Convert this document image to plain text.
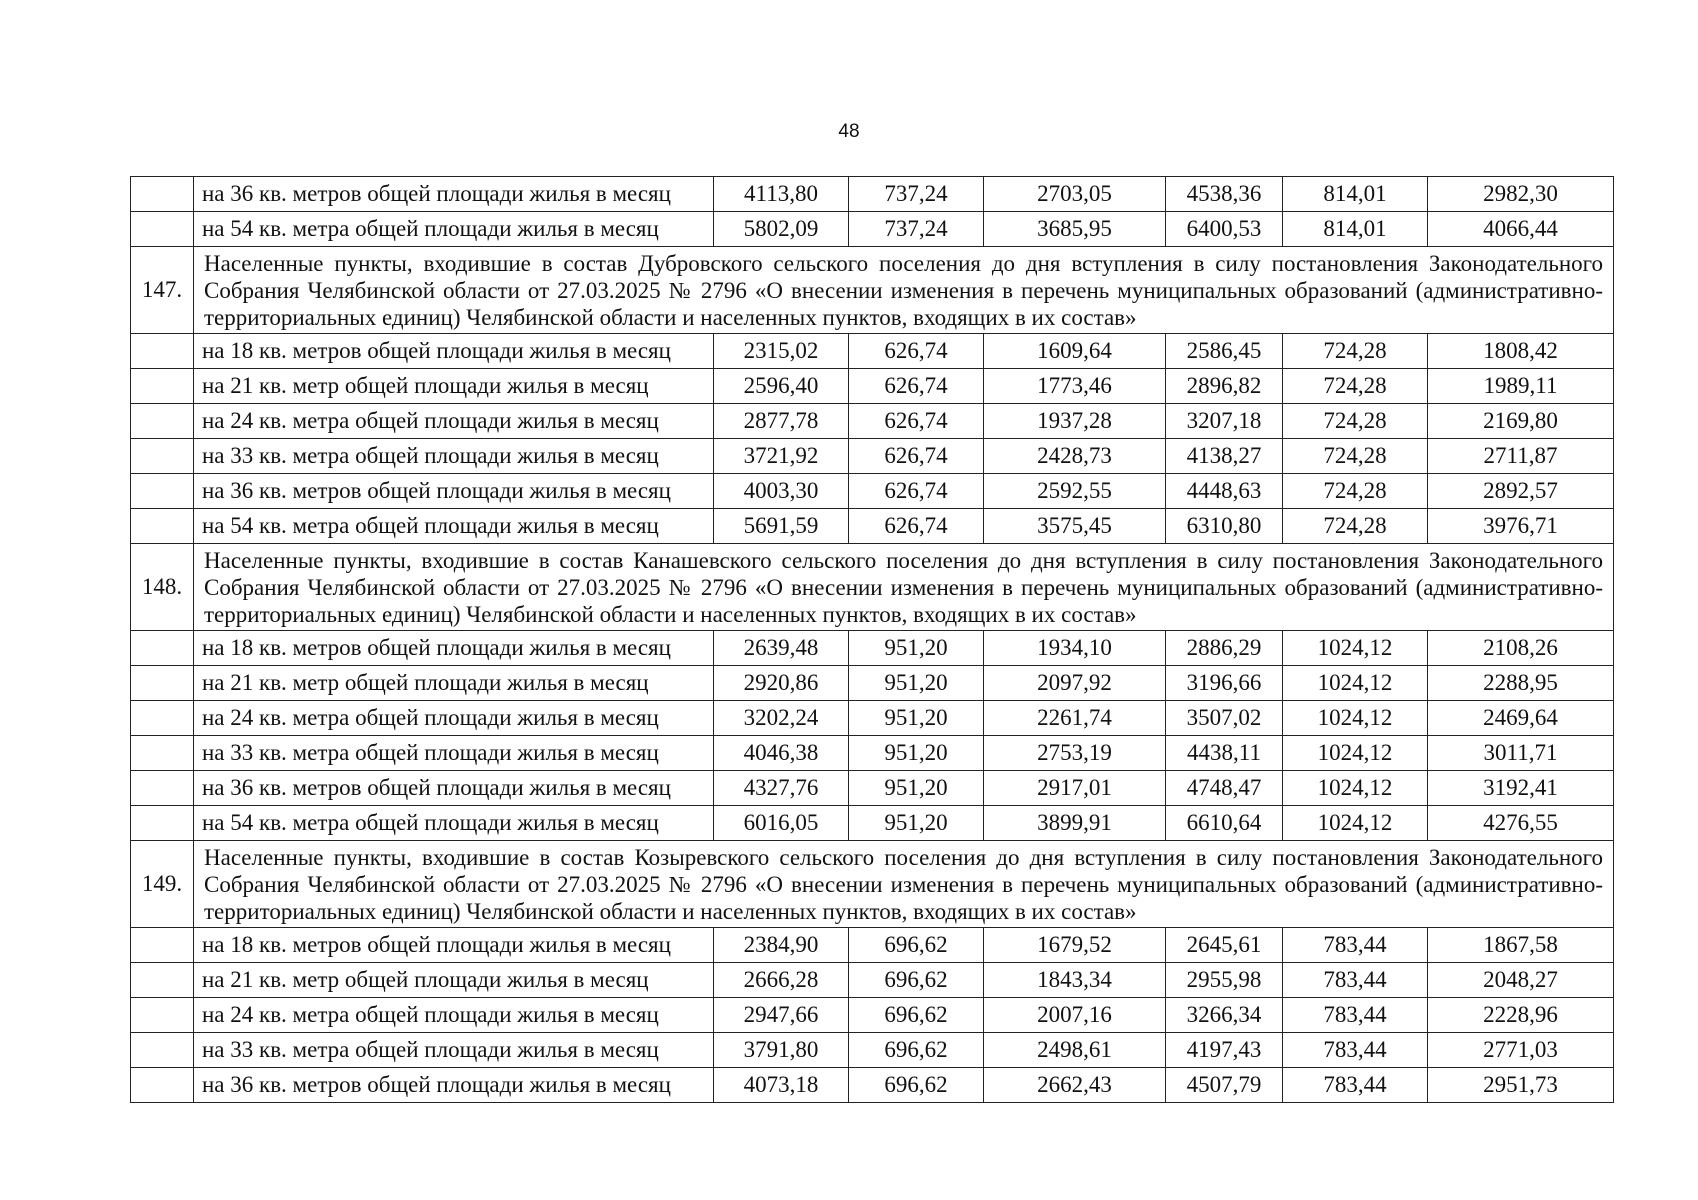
48
	на 36 кв. метров общей площади жилья в месяц	4113,80	737,24	2703,05	4538,36	814,01	2982,30
	на 54 кв. метра общей площади жилья в месяц	5802,09	737,24	3685,95	6400,53	814,01	4066,44
147.	Населенные пункты, входившие в состав Дубровского сельского поселения до дня вступления в силу постановления Законодательного Собрания Челябинской области от 27.03.2025 № 2796 «О внесении изменения в перечень муниципальных образований (административно-территориальных единиц) Челябинской области и населенных пунктов, входящих в их состав»						
	на 18 кв. метров общей площади жилья в месяц	2315,02	626,74	1609,64	2586,45	724,28	1808,42
	на 21 кв. метр общей площади жилья в месяц	2596,40	626,74	1773,46	2896,82	724,28	1989,11
	на 24 кв. метра общей площади жилья в месяц	2877,78	626,74	1937,28	3207,18	724,28	2169,80
	на 33 кв. метра общей площади жилья в месяц	3721,92	626,74	2428,73	4138,27	724,28	2711,87
	на 36 кв. метров общей площади жилья в месяц	4003,30	626,74	2592,55	4448,63	724,28	2892,57
	на 54 кв. метра общей площади жилья в месяц	5691,59	626,74	3575,45	6310,80	724,28	3976,71
148.	Населенные пункты, входившие в состав Канашевского сельского поселения до дня вступления в силу постановления Законодательного Собрания Челябинской области от 27.03.2025 № 2796 «О внесении изменения в перечень муниципальных образований (административно-территориальных единиц) Челябинской области и населенных пунктов, входящих в их состав»						
	на 18 кв. метров общей площади жилья в месяц	2639,48	951,20	1934,10	2886,29	1024,12	2108,26
	на 21 кв. метр общей площади жилья в месяц	2920,86	951,20	2097,92	3196,66	1024,12	2288,95
	на 24 кв. метра общей площади жилья в месяц	3202,24	951,20	2261,74	3507,02	1024,12	2469,64
	на 33 кв. метра общей площади жилья в месяц	4046,38	951,20	2753,19	4438,11	1024,12	3011,71
	на 36 кв. метров общей площади жилья в месяц	4327,76	951,20	2917,01	4748,47	1024,12	3192,41
	на 54 кв. метра общей площади жилья в месяц	6016,05	951,20	3899,91	6610,64	1024,12	4276,55
149.	Населенные пункты, входившие в состав Козыревского сельского поселения до дня вступления в силу постановления Законодательного Собрания Челябинской области от 27.03.2025 № 2796 «О внесении изменения в перечень муниципальных образований (административно-территориальных единиц) Челябинской области и населенных пунктов, входящих в их состав»						
	на 18 кв. метров общей площади жилья в месяц	2384,90	696,62	1679,52	2645,61	783,44	1867,58
	на 21 кв. метр общей площади жилья в месяц	2666,28	696,62	1843,34	2955,98	783,44	2048,27
	на 24 кв. метра общей площади жилья в месяц	2947,66	696,62	2007,16	3266,34	783,44	2228,96
	на 33 кв. метра общей площади жилья в месяц	3791,80	696,62	2498,61	4197,43	783,44	2771,03
	на 36 кв. метров общей площади жилья в месяц	4073,18	696,62	2662,43	4507,79	783,44	2951,73
